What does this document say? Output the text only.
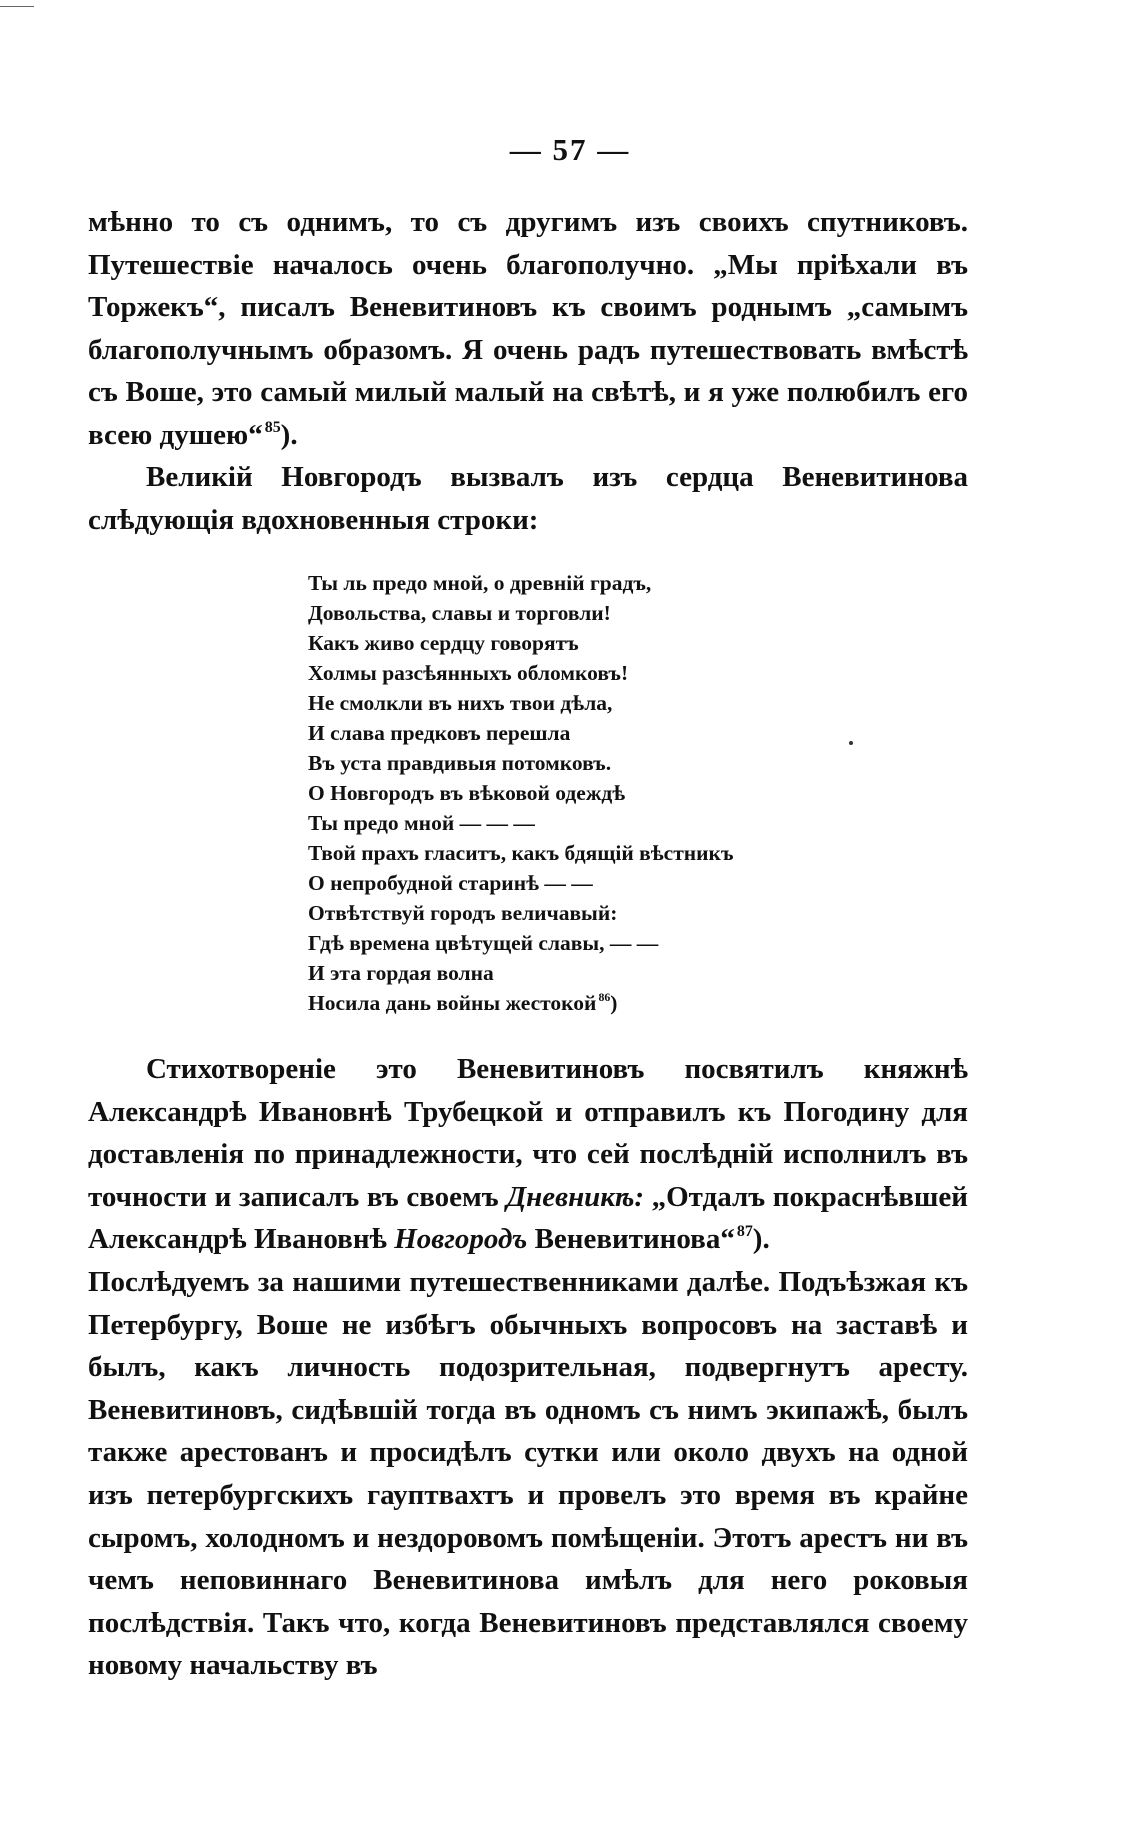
— 57 —

мѣнно то съ однимъ, то съ другимъ изъ своихъ спутниковъ. Путешествіе началось очень благополучно. „Мы пріѣхали въ Торжекъ“, писалъ Веневитиновъ къ своимъ роднымъ „самымъ благополучнымъ образомъ. Я очень радъ путешествовать вмѣстѣ съ Воше, это самый милый малый на свѣтѣ, и я уже полюбилъ его всею душею“ $^{85}$).

Великій Новгородъ вызвалъ изъ сердца Веневитинова слѣдующія вдохновенныя строки:

Ты ль предо мной, о древній градъ,
Довольства, славы и торговли!
Какъ живо сердцу говорятъ
Холмы разсѣянныхъ обломковъ!
Не смолкли въ нихъ твои дѣла,
И слава предковъ перешла
Въ уста правдивыя потомковъ.
О Новгородъ въ вѣковой одеждѣ
Ты предо мной — — —
Твой прахъ гласитъ, какъ бдящій вѣстникъ
О непробудной старинѣ — —
Отвѣтствуй городъ величавый:
Гдѣ времена цвѣтущей славы, — —
И эта гордая волна
Носила дань войны жестокой $^{86}$)

Стихотвореніе это Веневитиновъ посвятилъ княжнѣ Александрѣ Ивановнѣ Трубецкой и отправилъ къ Погодину для доставленія по принадлежности, что сей послѣдній исполнилъ въ точности и записалъ въ своемъ Дневникѣ: „Отдалъ покраснѣвшей Александрѣ Ивановнѣ Новгородъ Веневитинова“ $^{87}$).

Послѣдуемъ за нашими путешественниками далѣе. Подъѣзжая къ Петербургу, Воше не избѣгъ обычныхъ вопросовъ на заставѣ и былъ, какъ личность подозрительная, подвергнутъ аресту. Веневитиновъ, сидѣвшій тогда въ одномъ съ нимъ экипажѣ, былъ также арестованъ и просидѣлъ сутки или около двухъ на одной изъ петербургскихъ гауптвахтъ и провелъ это время въ крайне сыромъ, холодномъ и нездоровомъ помѣщеніи. Этотъ арестъ ни въ чемъ неповиннаго Веневитинова имѣлъ для него роковыя послѣдствія. Такъ что, когда Веневитиновъ представлялся своему новому начальству въ
